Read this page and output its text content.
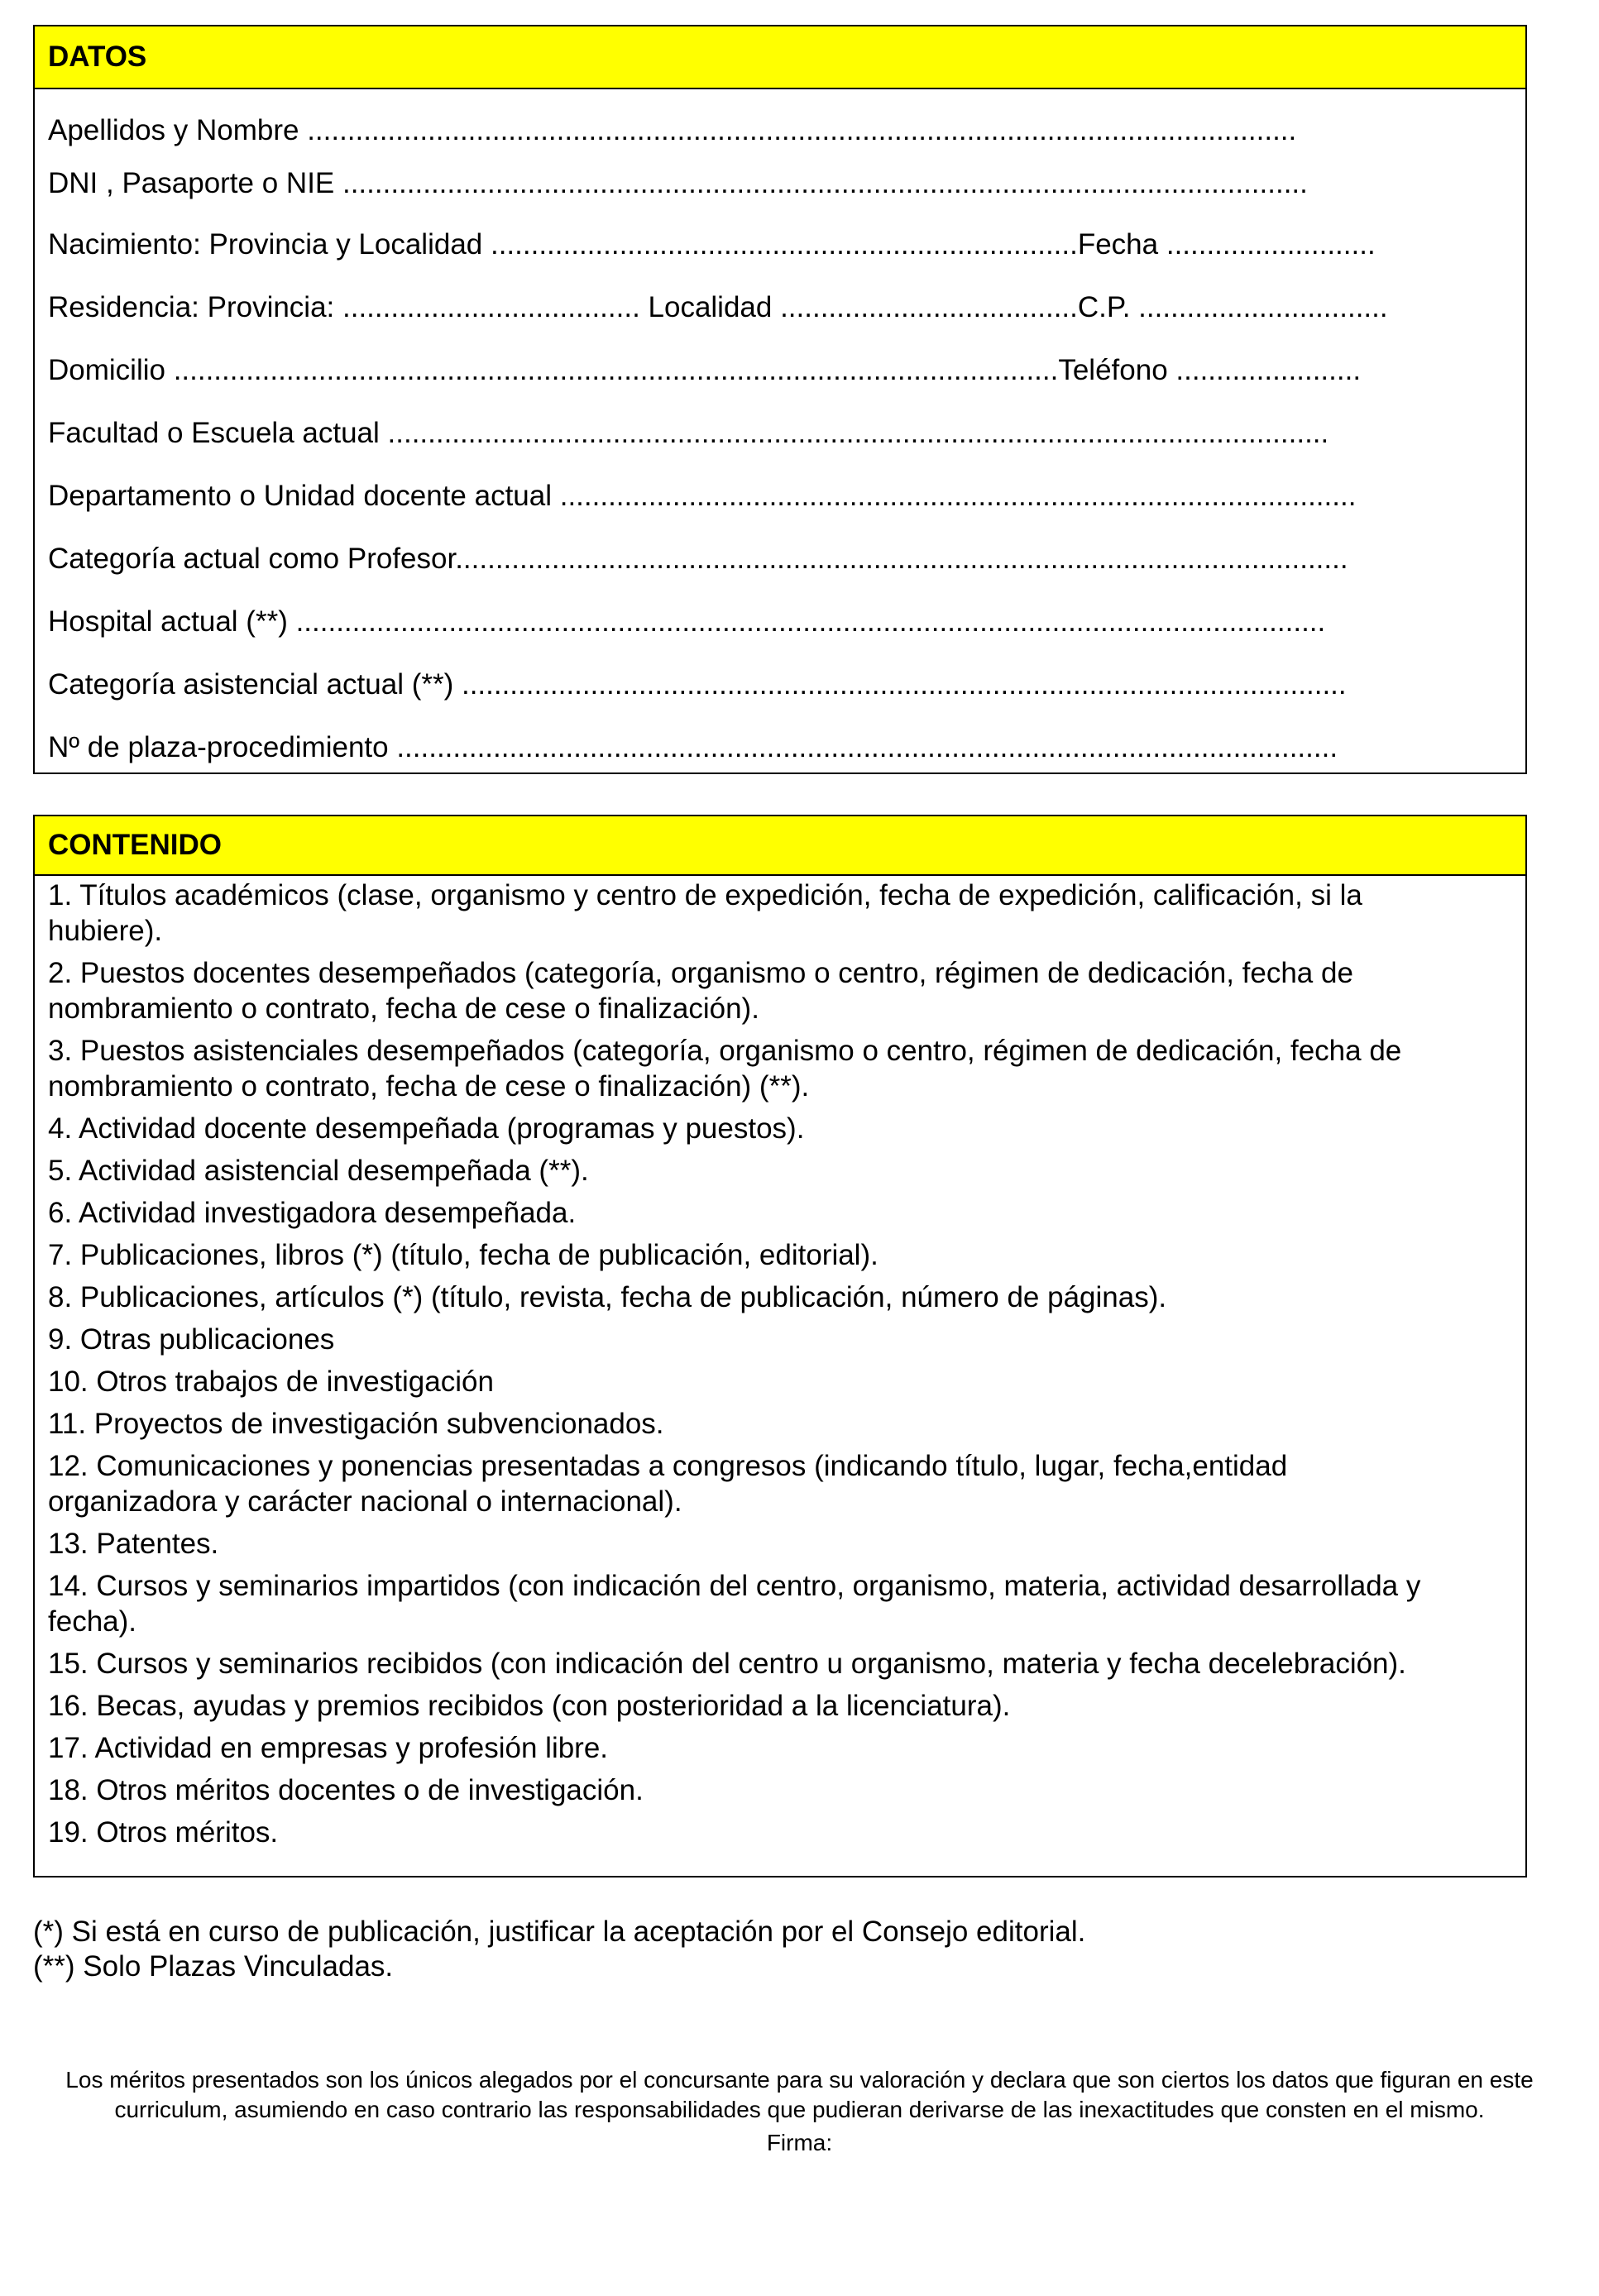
DATOS
Apellidos y Nombre ...........................................................................................................................
DNI , Pasaporte o NIE ........................................................................................................................
Nacimiento: Provincia y Localidad .........................................................................Fecha ..........................
Residencia: Provincia: ..................................... Localidad .....................................C.P. ...............................
Domicilio ..............................................................................................................Teléfono .......................
Facultad o Escuela actual .....................................................................................................................
Departamento o Unidad docente actual ...................................................................................................
Categoría actual como Profesor...............................................................................................................
Hospital actual (**) ................................................................................................................................
Categoría asistencial actual (**) ..............................................................................................................
Nº de plaza-procedimiento .....................................................................................................................
CONTENIDO
1. Títulos académicos (clase, organismo y centro de expedición, fecha de expedición, calificación, si la
hubiere).
2. Puestos docentes desempeñados (categoría, organismo o centro, régimen de dedicación, fecha de
nombramiento o contrato, fecha de cese o finalización).
3. Puestos asistenciales desempeñados (categoría, organismo o centro, régimen de dedicación, fecha de
nombramiento o contrato, fecha de cese o finalización) (**).
4. Actividad docente desempeñada (programas y puestos).
5. Actividad asistencial desempeñada (**).
6. Actividad investigadora desempeñada.
7. Publicaciones, libros (*) (título, fecha de publicación, editorial).
8. Publicaciones, artículos (*) (título, revista, fecha de publicación, número de páginas).
9. Otras publicaciones
10. Otros trabajos de investigación
11. Proyectos de investigación subvencionados.
12. Comunicaciones y ponencias presentadas a congresos (indicando título, lugar, fecha,entidad
organizadora y carácter nacional o internacional).
13. Patentes.
14. Cursos y seminarios impartidos (con indicación del centro, organismo, materia, actividad desarrollada y
fecha).
15. Cursos y seminarios recibidos (con indicación del centro u organismo, materia y fecha decelebración).
16. Becas, ayudas y premios recibidos (con posterioridad a la licenciatura).
17. Actividad en empresas y profesión libre.
18. Otros méritos docentes o de investigación.
19. Otros méritos.
(*) Si está en curso de publicación, justificar la aceptación por el Consejo editorial.
(**) Solo Plazas Vinculadas.
Los méritos presentados son los únicos alegados por el concursante para su valoración y declara que son ciertos los datos que figuran en este curriculum, asumiendo en caso contrario las responsabilidades que pudieran derivarse de las inexactitudes que consten en el mismo.
Firma:
